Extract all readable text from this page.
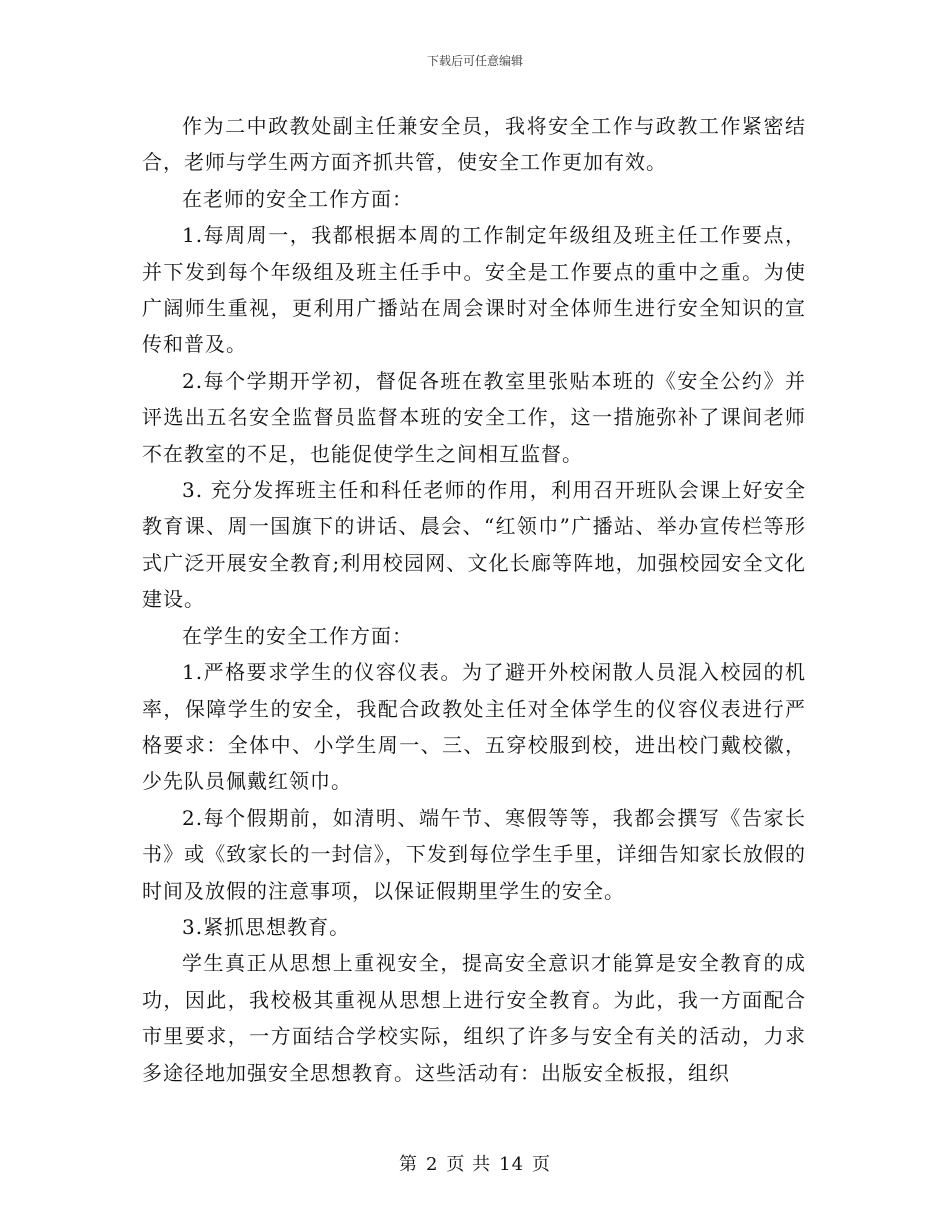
下载后可任意编辑

作为二中政教处副主任兼安全员，我将安全工作与政教工作紧密结合，老师与学生两方面齐抓共管，使安全工作更加有效。

在老师的安全工作方面：

1.每周周一，我都根据本周的工作制定年级组及班主任工作要点，并下发到每个年级组及班主任手中。安全是工作要点的重中之重。为使广阔师生重视，更利用广播站在周会课时对全体师生进行安全知识的宣传和普及。

2.每个学期开学初，督促各班在教室里张贴本班的《安全公约》并评选出五名安全监督员监督本班的安全工作，这一措施弥补了课间老师不在教室的不足，也能促使学生之间相互监督。

3. 充分发挥班主任和科任老师的作用，利用召开班队会课上好安全教育课、周一国旗下的讲话、晨会、“红领巾”广播站、举办宣传栏等形式广泛开展安全教育;利用校园网、文化长廊等阵地，加强校园安全文化建设。

在学生的安全工作方面：

1.严格要求学生的仪容仪表。为了避开外校闲散人员混入校园的机率，保障学生的安全，我配合政教处主任对全体学生的仪容仪表进行严格要求：全体中、小学生周一、三、五穿校服到校，进出校门戴校徽，少先队员佩戴红领巾。

2.每个假期前，如清明、端午节、寒假等等，我都会撰写《告家长书》或《致家长的一封信》，下发到每位学生手里，详细告知家长放假的时间及放假的注意事项，以保证假期里学生的安全。

3.紧抓思想教育。

学生真正从思想上重视安全，提高安全意识才能算是安全教育的成功，因此，我校极其重视从思想上进行安全教育。为此，我一方面配合市里要求，一方面结合学校实际，组织了许多与安全有关的活动，力求多途径地加强安全思想教育。这些活动有：出版安全板报，组织

第 2 页 共 14 页
